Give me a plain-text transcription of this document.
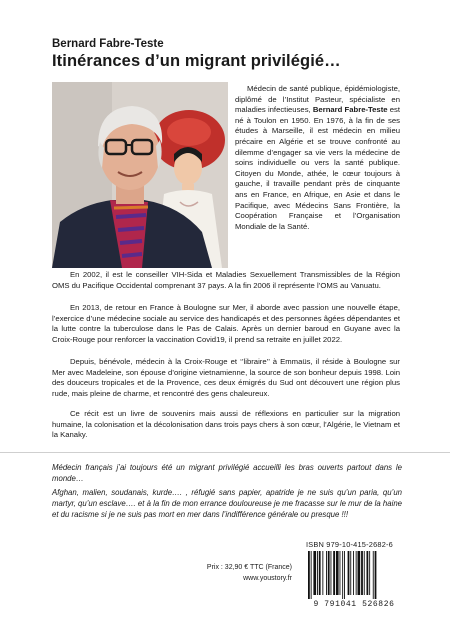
Bernard Fabre-Teste
Itinérances d’un migrant privilégié…

Médecin de santé publique, épidémiologiste, diplômé de l’Institut Pasteur, spécialiste en maladies infectieuses, Bernard Fabre-Teste est né à Toulon en 1950. En 1976, à la fin de ses études à Marseille, il est médecin en milieu précaire en Algérie et se trouve confronté au dilemme d’engager sa vie vers la médecine de soins individuelle ou vers la santé publique. Citoyen du Monde, athée, le cœur toujours à gauche, il travaille pendant près de cinquante ans en France, en Afrique, en Asie et dans le Pacifique, avec Médecins Sans Frontière, la Coopération Française et l’Organisation Mondiale de la Santé.

En 2002, il est le conseiller VIH-Sida et Maladies Sexuellement Transmissibles de la Région OMS du Pacifique Occidental comprenant 37 pays. A la fin 2006 il représente l’OMS au Vanuatu.

En 2013, de retour en France à Boulogne sur Mer, il aborde avec passion une nouvelle étape, l’exercice d’une médecine sociale au service des handicapés et des personnes âgées dépendantes et la lutte contre la tuberculose dans le Pas de Calais. Après un dernier baroud en Guyane avec la Croix-Rouge pour renforcer la vaccination Covid19, il prend sa retraite en juillet 2022.

Depuis, bénévole, médecin à la Croix-Rouge et ‘’libraire’’ à Emmaüs, il réside à Boulogne sur Mer avec Madeleine, son épouse d’origine vietnamienne, la source de son bonheur depuis 1998. Loin des douceurs tropicales et de la Provence, ces deux émigrés du Sud ont découvert une région plus rude, mais pleine de charme, et rencontré des gens chaleureux.

Ce récit est un livre de souvenirs mais aussi de réflexions en particulier sur la migration humaine, la colonisation et la décolonisation dans trois pays chers à son cœur, l’Algérie, le Vietnam et la Kanaky.

Médecin français j’ai toujours été un migrant privilégié accueilli les bras ouverts partout dans le monde…

Afghan, malien, soudanais, kurde…. , réfugié sans papier, apatride je ne suis qu’un paria, qu’un martyr, qu’un esclave…. et à la fin de mon errance douloureuse je me fracasse sur le mur de la haine et du racisme si je ne suis pas mort en mer dans l’indifférence générale ou presque !!!

Prix : 32,90 € TTC (France)
www.youstory.fr
ISBN 979-10-415-2682-6
9 791041 526826
